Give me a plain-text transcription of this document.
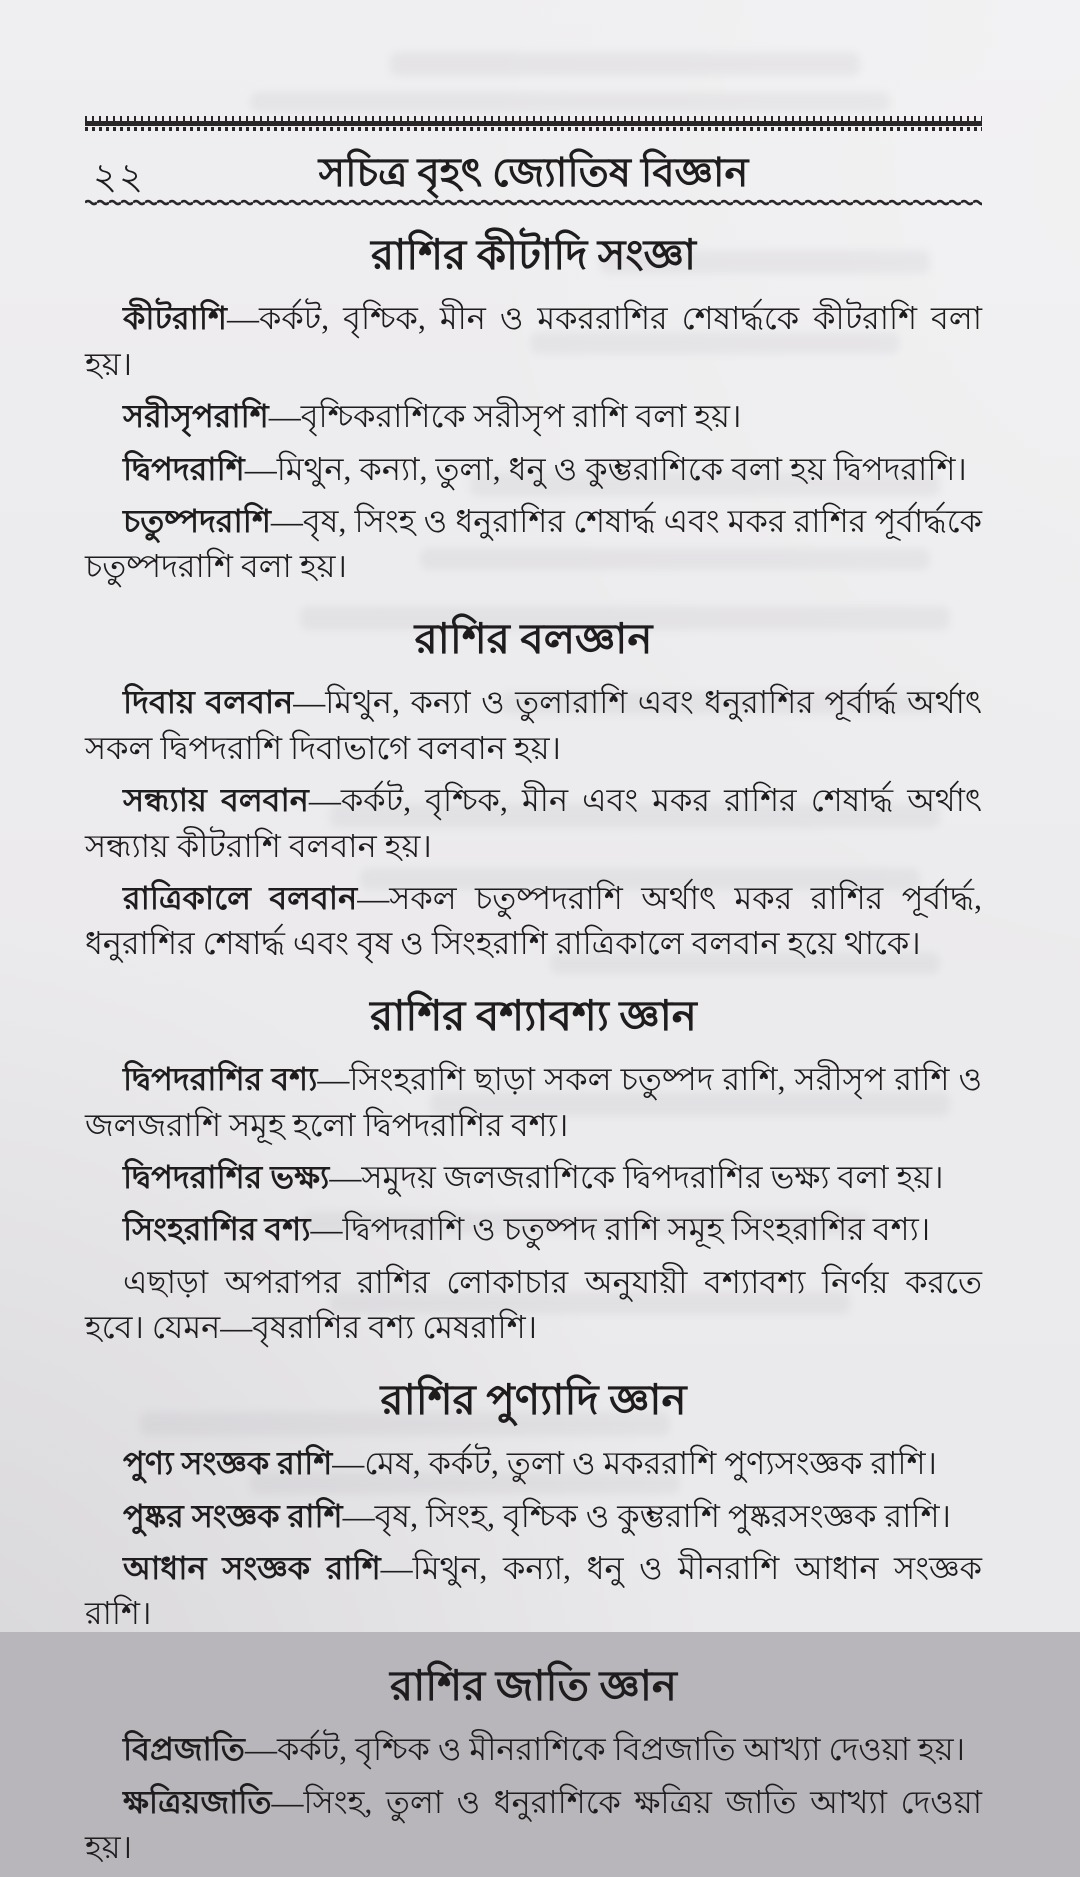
২২	সচিত্র বৃহৎ জ্যোতিষ বিজ্ঞান
রাশির কীটাদি সংজ্ঞা

কীটরাশি—কর্কট, বৃশ্চিক, মীন ও মকররাশির শেষার্দ্ধকে কীটরাশি বলা হয়।

সরীসৃপরাশি—বৃশ্চিকরাশিকে সরীসৃপ রাশি বলা হয়।

দ্বিপদরাশি—মিথুন, কন্যা, তুলা, ধনু ও কুম্ভরাশিকে বলা হয় দ্বিপদরাশি।

চতুষ্পদরাশি—বৃষ, সিংহ ও ধনুরাশির শেষার্দ্ধ এবং মকর রাশির পূর্বার্দ্ধকে চতুষ্পদরাশি বলা হয়।

রাশির বলজ্ঞান

দিবায় বলবান—মিথুন, কন্যা ও তুলারাশি এবং ধনুরাশির পূর্বার্দ্ধ অর্থাৎ সকল দ্বিপদরাশি দিবাভাগে বলবান হয়।

সন্ধ্যায় বলবান—কর্কট, বৃশ্চিক, মীন এবং মকর রাশির শেষার্দ্ধ অর্থাৎ সন্ধ্যায় কীটরাশি বলবান হয়।

রাত্রিকালে বলবান—সকল চতুষ্পদরাশি অর্থাৎ মকর রাশির পূর্বার্দ্ধ, ধনুরাশির শেষার্দ্ধ এবং বৃষ ও সিংহরাশি রাত্রিকালে বলবান হয়ে থাকে।

রাশির বশ্যাবশ্য জ্ঞান

দ্বিপদরাশির বশ্য—সিংহরাশি ছাড়া সকল চতুষ্পদ রাশি, সরীসৃপ রাশি ও জলজরাশি সমূহ হলো দ্বিপদরাশির বশ্য।

দ্বিপদরাশির ভক্ষ্য—সমুদয় জলজরাশিকে দ্বিপদরাশির ভক্ষ্য বলা হয়।

সিংহরাশির বশ্য—দ্বিপদরাশি ও চতুষ্পদ রাশি সমূহ সিংহরাশির বশ্য।

এছাড়া অপরাপর রাশির লোকাচার অনুযায়ী বশ্যাবশ্য নির্ণয় করতে হবে। যেমন—বৃষরাশির বশ্য মেষরাশি।

রাশির পুণ্যাদি জ্ঞান

পুণ্য সংজ্ঞক রাশি—মেষ, কর্কট, তুলা ও মকররাশি পুণ্যসংজ্ঞক রাশি।

পুষ্কর সংজ্ঞক রাশি—বৃষ, সিংহ, বৃশ্চিক ও কুম্ভরাশি পুষ্করসংজ্ঞক রাশি।

আধান সংজ্ঞক রাশি—মিথুন, কন্যা, ধনু ও মীনরাশি আধান সংজ্ঞক রাশি।

রাশির জাতি জ্ঞান

বিপ্রজাতি—কর্কট, বৃশ্চিক ও মীনরাশিকে বিপ্রজাতি আখ্যা দেওয়া হয়।

ক্ষত্রিয়জাতি—সিংহ, তুলা ও ধনুরাশিকে ক্ষত্রিয় জাতি আখ্যা দেওয়া হয়।
